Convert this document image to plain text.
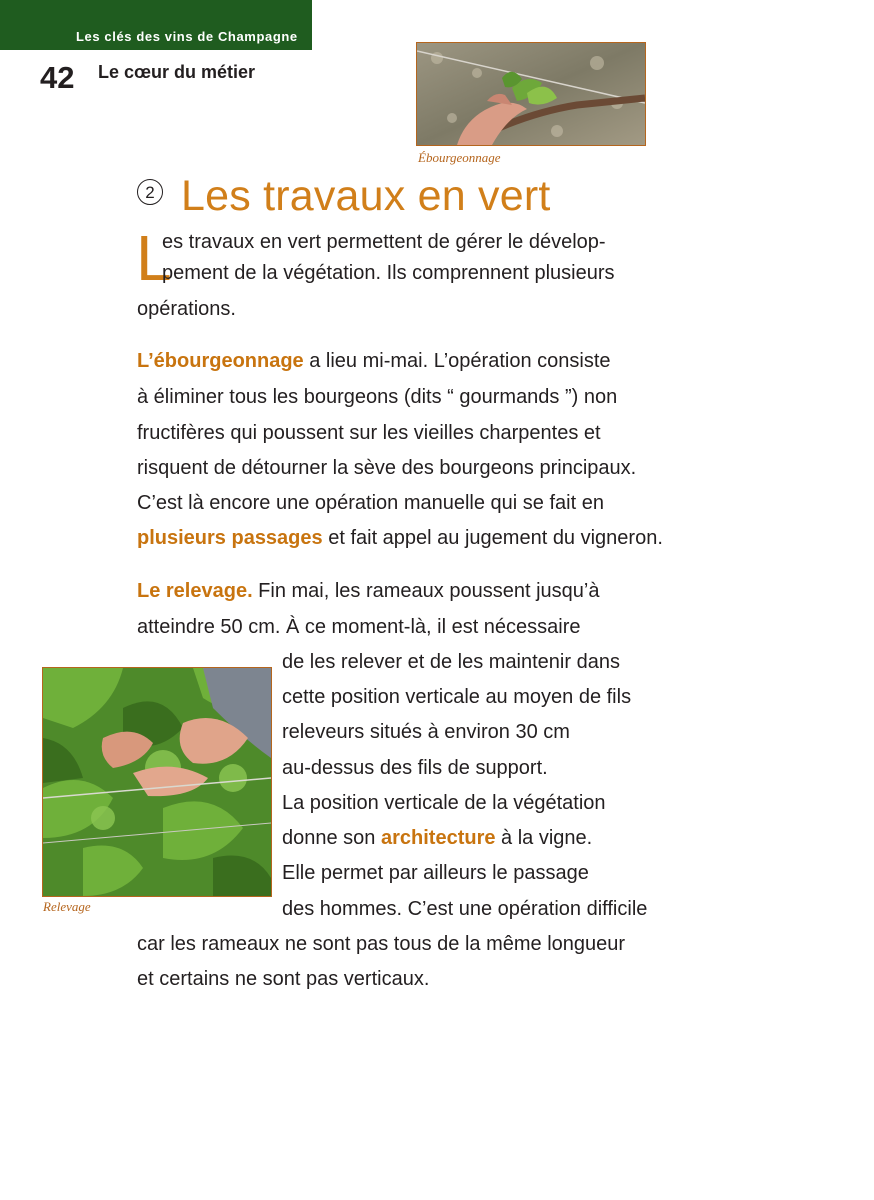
Les clés des vins de Champagne
42 Le cœur du métier
Ébourgeonnage
2 Les travaux en vert
L
es travaux en vert permettent de gérer le dévelop-
pement de la végétation. Ils comprennent plusieurs
opérations.
L’ébourgeonnage a lieu mi-mai. L’opération consiste
à éliminer tous les bourgeons (dits “ gourmands ”) non
fructifères qui poussent sur les vieilles charpentes et
risquent de détourner la sève des bourgeons principaux.
C’est là encore une opération manuelle qui se fait en
plusieurs passages et fait appel au jugement du vigneron.
Le relevage. Fin mai, les rameaux poussent jusqu’à
atteindre 50 cm. À ce moment-là, il est nécessaire
de les relever et de les maintenir dans
cette position verticale au moyen de fils
releveurs situés à environ 30 cm
au-dessus des fils de support.
La position verticale de la végétation
donne son architecture à la vigne.
Elle permet par ailleurs le passage
des hommes. C’est une opération difficile
car les rameaux ne sont pas tous de la même longueur
et certains ne sont pas verticaux.
Relevage
